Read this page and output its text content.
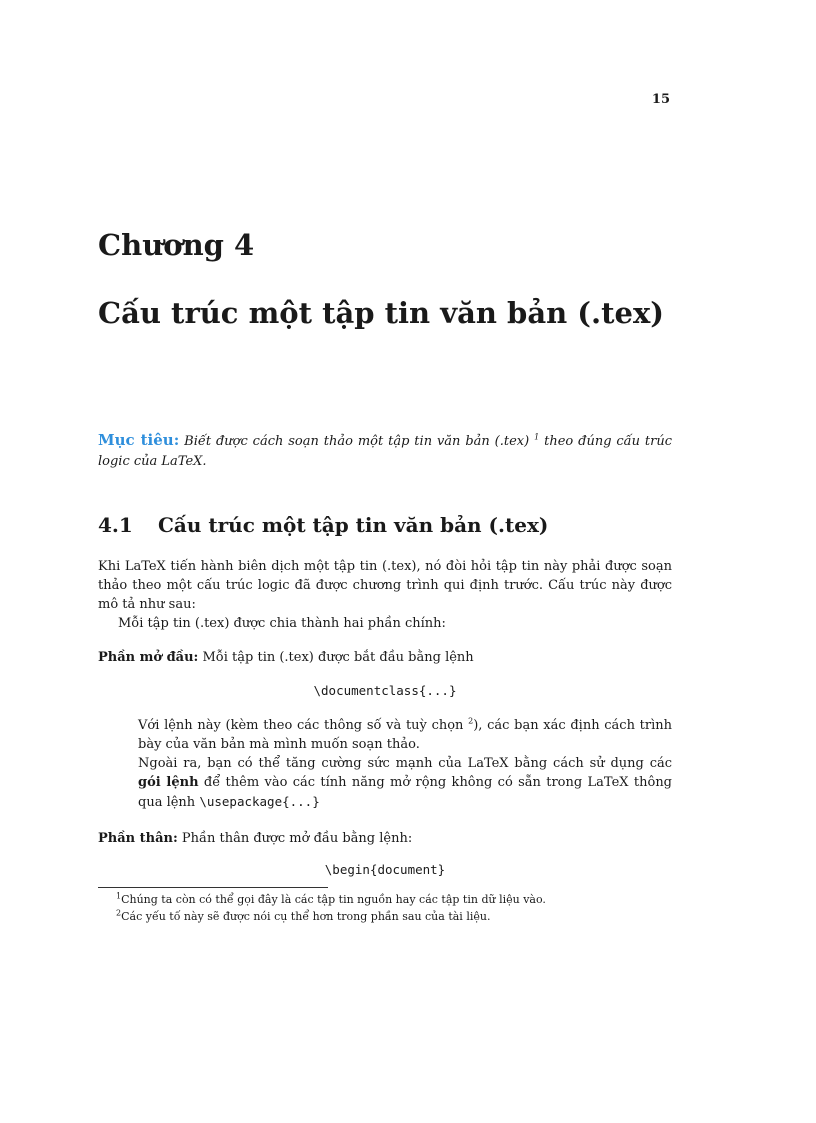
15
Chương 4
Cấu trúc một tập tin văn bản (.tex)
Mục tiêu: Biết được cách soạn thảo một tập tin văn bản (.tex) $^1$ theo đúng cấu trúc logic của LaTeX.
4.1 Cấu trúc một tập tin văn bản (.tex)
Khi LaTeX tiến hành biên dịch một tập tin (.tex), nó đòi hỏi tập tin này phải được soạn thảo theo một cấu trúc logic đã được chương trình qui định trước. Cấu trúc này được mô tả như sau:
Mỗi tập tin (.tex) được chia thành hai phần chính:
Phần mở đầu: Mỗi tập tin (.tex) được bắt đầu bằng lệnh
\documentclass{...}
Với lệnh này (kèm theo các thông số và tuỳ chọn $^2$), các bạn xác định cách trình bày của văn bản mà mình muốn soạn thảo.
Ngoài ra, bạn có thể tăng cường sức mạnh của LaTeX bằng cách sử dụng các gói lệnh để thêm vào các tính năng mở rộng không có sẵn trong LaTeX thông qua lệnh \usepackage{...}
Phần thân: Phần thân được mở đầu bằng lệnh:
\begin{document}
$^1$Chúng ta còn có thể gọi đây là các tập tin nguồn hay các tập tin dữ liệu vào.
$^2$Các yếu tố này sẽ được nói cụ thể hơn trong phần sau của tài liệu.
